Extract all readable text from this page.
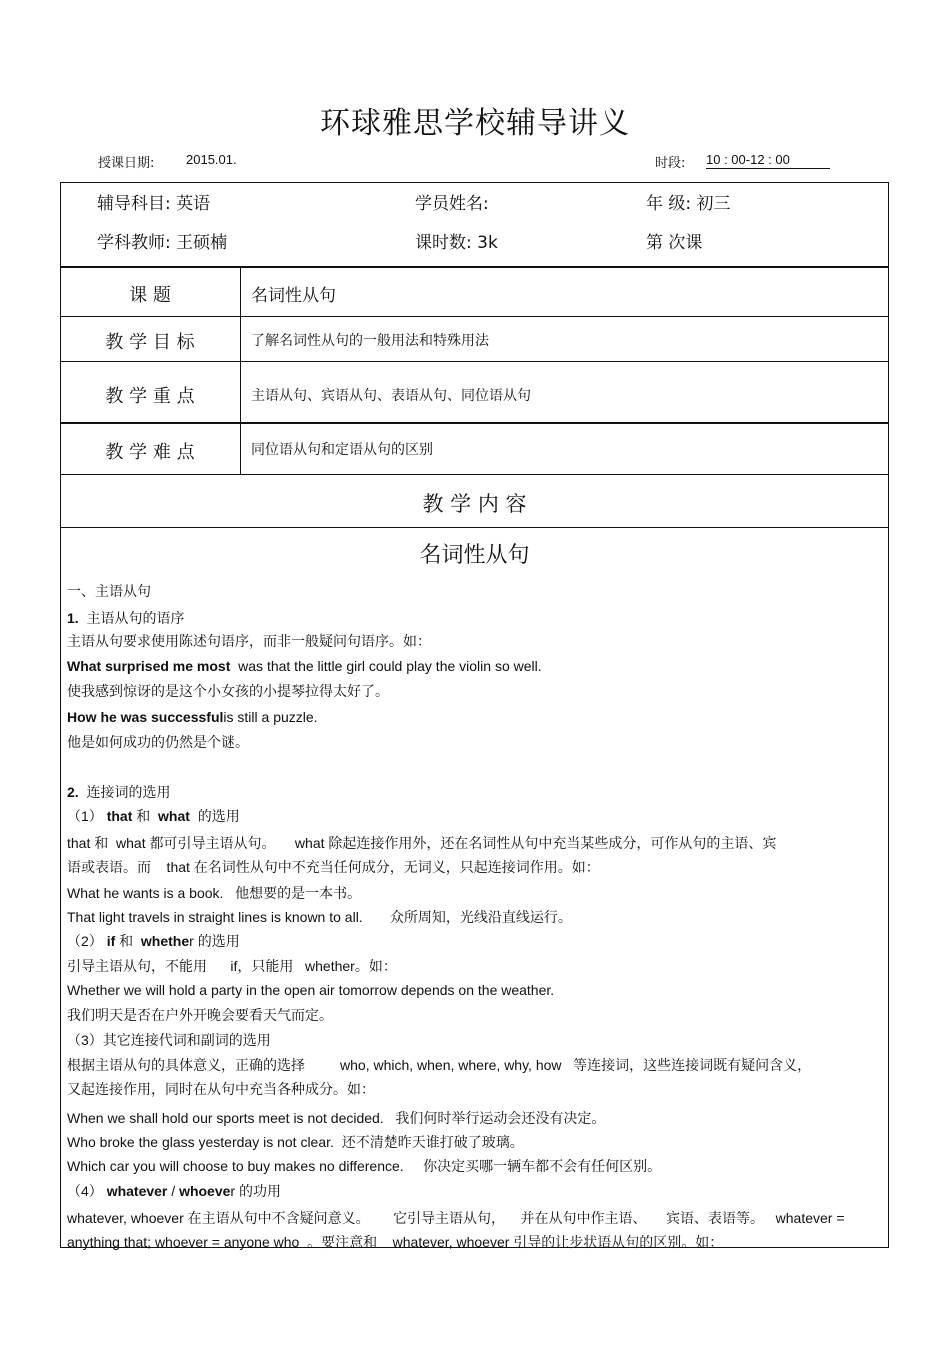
环球雅思学校辅导讲义
授课日期: 2015.01.	时段: 10 : 00-12 : 00
辅导科目: 英语	学员姓名:	年 级: 初三
学科教师: 王硕楠	课时数: 3k	第 次课
课 题	名词性从句
教 学 目 标	了解名词性从句的一般用法和特殊用法
教 学 重 点	主语从句、宾语从句、表语从句、同位语从句
教 学 难 点	同位语从句和定语从句的区别
教 学 内 容
名词性从句
一、主语从句
1.  主语从句的语序
主语从句要求使用陈述句语序，而非一般疑问句语序。如：
What surprised me most  was that the little girl could play the violin so well.
使我感到惊讶的是这个小女孩的小提琴拉得太好了。
How he was successfulis still a puzzle.
他是如何成功的仍然是个谜。
2.  连接词的选用
（1） that 和  what  的选用
that 和  what 都可引导主语从句。     what 除起连接作用外，还在名词性从句中充当某些成分，可作从句的主语、宾
语或表语。而    that 在名词性从句中不充当任何成分，无词义，只起连接词作用。如：
What he wants is a book.   他想要的是一本书。
That light travels in straight lines is known to all.       众所周知，光线沿直线运行。
（2） if 和  whether 的选用
引导主语从句，不能用      if，只能用   whether。如：
Whether we will hold a party in the open air tomorrow depends on the weather.
我们明天是否在户外开晚会要看天气而定。
（3）其它连接代词和副词的选用
根据主语从句的具体意义，正确的选择         who, which, when, where, why, how   等连接词，这些连接词既有疑问含义，
又起连接作用，同时在从句中充当各种成分。如：
When we shall hold our sports meet is not decided.   我们何时举行运动会还没有决定。
Who broke the glass yesterday is not clear.  还不清楚昨天谁打破了玻璃。
Which car you will choose to buy makes no difference.     你决定买哪一辆车都不会有任何区别。
（4） whatever / whoever 的功用
whatever, whoever 在主语从句中不含疑问意义。      它引导主语从句，    并在从句中作主语、     宾语、表语等。   whatever =
anything that; whoever = anyone who  。要注意和    whatever, whoever 引导的让步状语从句的区别。如：
